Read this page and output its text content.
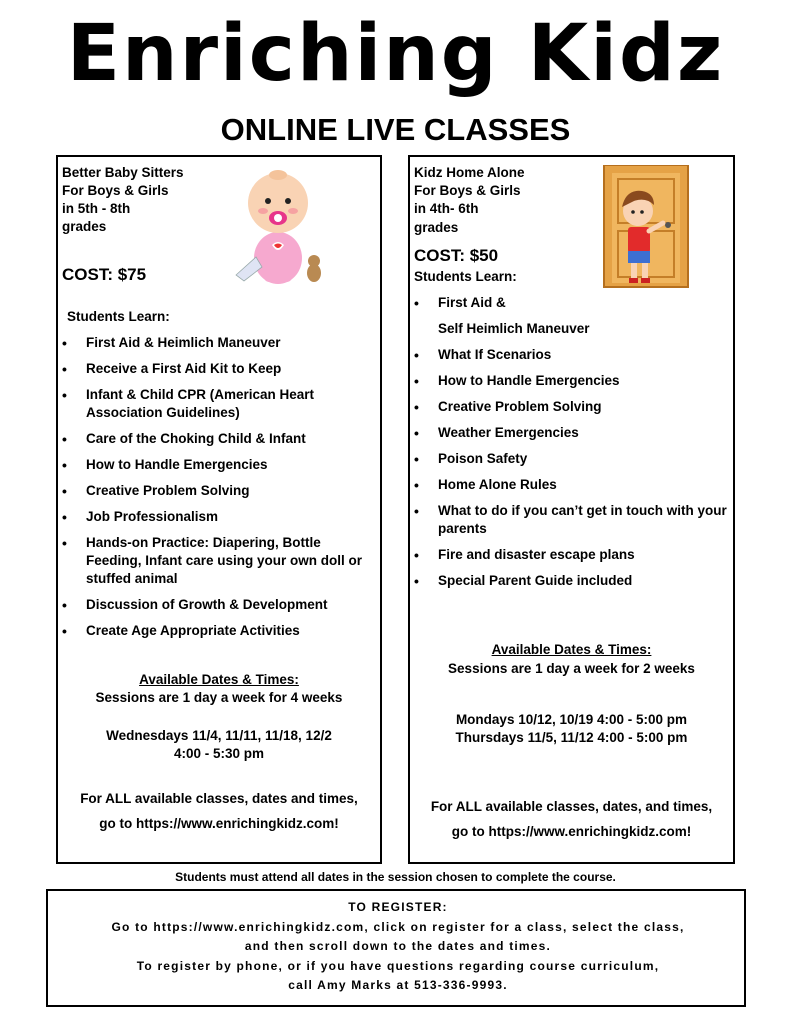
Enriching Kidz
ONLINE LIVE CLASSES
Better Baby Sitters
For Boys & Girls
in 5th - 8th
grades
COST: $75
Students Learn:
• First Aid & Heimlich Maneuver
• Receive a First Aid Kit to Keep
• Infant & Child CPR (American Heart Association Guidelines)
• Care of the Choking Child & Infant
• How to Handle Emergencies
• Creative Problem Solving
• Job Professionalism
• Hands-on Practice: Diapering, Bottle Feeding, Infant care using your own doll or stuffed animal
• Discussion of Growth & Development
• Create Age Appropriate Activities
Available Dates & Times:
Sessions are 1 day a week for 4 weeks
Wednesdays 11/4, 11/11, 11/18, 12/2
4:00 - 5:30 pm
For ALL available classes, dates and times,
go to https://www.enrichingkidz.com!
Kidz Home Alone
For Boys & Girls
in 4th- 6th
grades
COST: $50
Students Learn:
• First Aid &
Self Heimlich Maneuver
• What If Scenarios
• How to Handle Emergencies
• Creative Problem Solving
• Weather Emergencies
• Poison Safety
• Home Alone Rules
• What to do if you can’t get in touch with your parents
• Fire and disaster escape plans
• Special Parent Guide included
Available Dates & Times:
Sessions are 1 day a week for 2 weeks
Mondays 10/12, 10/19 4:00 - 5:00 pm
Thursdays 11/5, 11/12 4:00 - 5:00 pm
For ALL available classes, dates, and times,
go to https://www.enrichingkidz.com!
Students must attend all dates in the session chosen to complete the course.
TO REGISTER:
Go to https://www.enrichingkidz.com, click on register for a class, select the class,
and then scroll down to the dates and times.
To register by phone, or if you have questions regarding course curriculum,
call Amy Marks at 513-336-9993.
